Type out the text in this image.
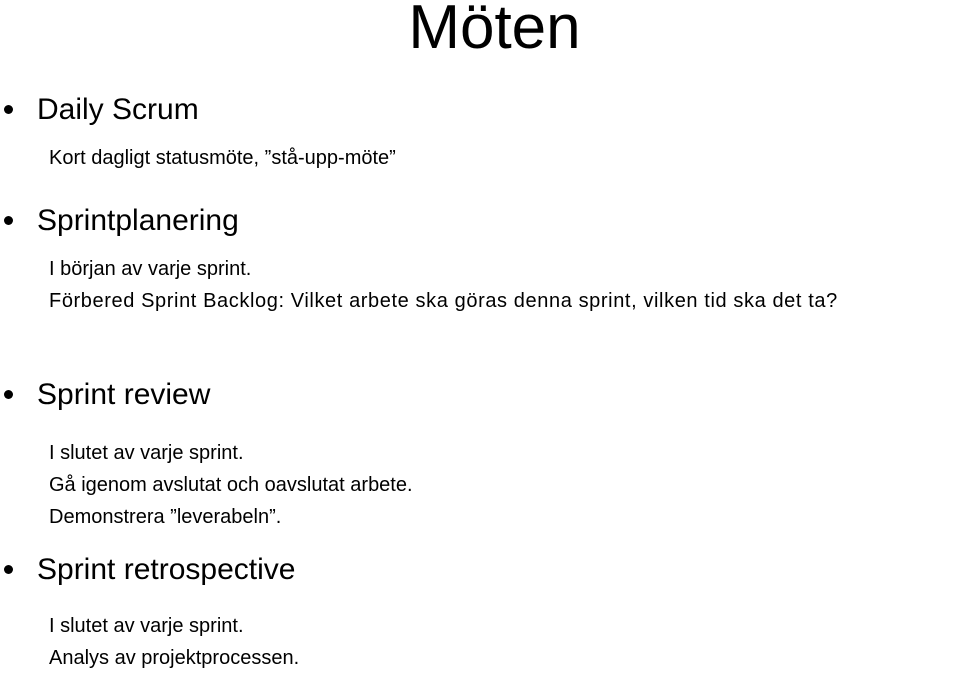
Möten
Daily Scrum
Kort dagligt statusmöte, ”stå-upp-möte”
Sprintplanering
I början av varje sprint.
Förbered Sprint Backlog: Vilket arbete ska göras denna sprint, vilken tid ska det ta?
Sprint review
I slutet av varje sprint.
Gå igenom avslutat och oavslutat arbete.
Demonstrera ”leverabeln”.
Sprint retrospective
I slutet av varje sprint.
Analys av projektprocessen.
